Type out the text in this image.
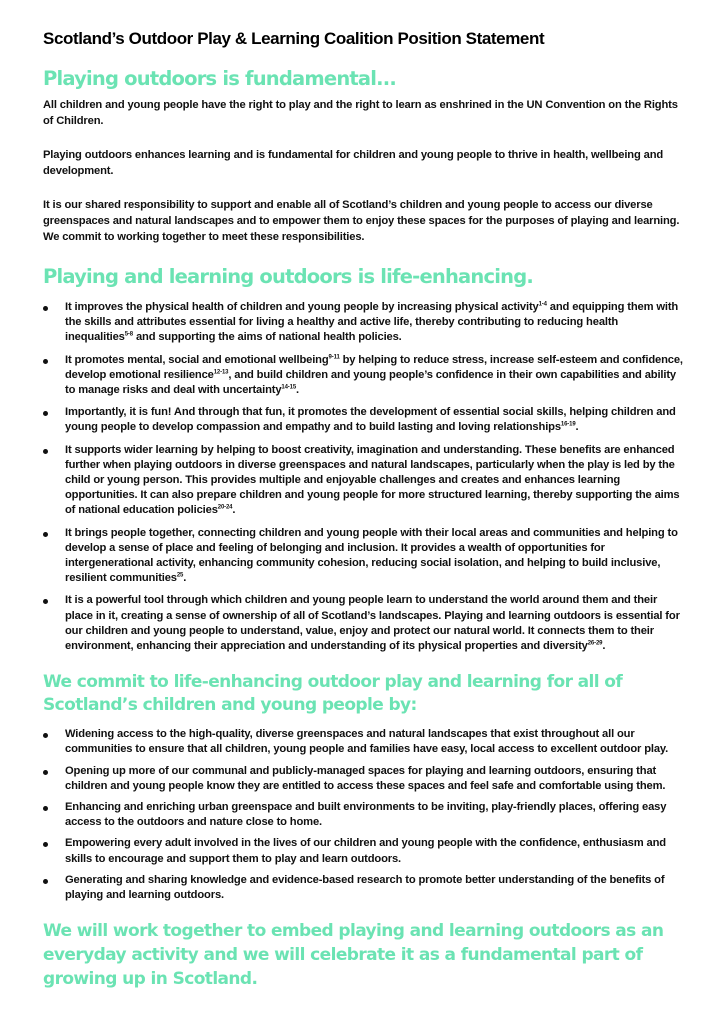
Scotland’s Outdoor Play & Learning Coalition Position Statement
Playing outdoors is fundamental...

All children and young people have the right to play and the right to learn as enshrined in the UN Convention on the Rights of Children.

Playing outdoors enhances learning and is fundamental for children and young people to thrive in health, wellbeing and development.

It is our shared responsibility to support and enable all of Scotland’s children and young people to access our diverse greenspaces and natural landscapes and to empower them to enjoy these spaces for the purposes of playing and learning. We commit to working together to meet these responsibilities.

Playing and learning outdoors is life-enhancing.
It improves the physical health of children and young people by increasing physical activity$^{1-4}$ and equipping them with the skills and attributes essential for living a healthy and active life, thereby contributing to reducing health inequalities$^{5-8}$ and supporting the aims of national health policies.
It promotes mental, social and emotional wellbeing$^{9-11}$ by helping to reduce stress, increase self-esteem and confidence, develop emotional resilience$^{12-13}$, and build children and young people’s confidence in their own capabilities and ability to manage risks and deal with uncertainty$^{14-15}$.
Importantly, it is fun! And through that fun, it promotes the development of essential social skills, helping children and young people to develop compassion and empathy and to build lasting and loving relationships$^{16-19}$.
It supports wider learning by helping to boost creativity, imagination and understanding. These benefits are enhanced further when playing outdoors in diverse greenspaces and natural landscapes, particularly when the play is led by the child or young person. This provides multiple and enjoyable challenges and creates and enhances learning opportunities. It can also prepare children and young people for more structured learning, thereby supporting the aims of national education policies$^{20-24}$.
It brings people together, connecting children and young people with their local areas and communities and helping to develop a sense of place and feeling of belonging and inclusion. It provides a wealth of opportunities for intergenerational activity, enhancing community cohesion, reducing social isolation, and helping to build inclusive, resilient communities$^{25}$.
It is a powerful tool through which children and young people learn to understand the world around them and their place in it, creating a sense of ownership of all of Scotland’s landscapes. Playing and learning outdoors is essential for our children and young people to understand, value, enjoy and protect our natural world. It connects them to their environment, enhancing their appreciation and understanding of its physical properties and diversity$^{26-29}$.
We commit to life-enhancing outdoor play and learning for all of Scotland’s children and young people by:
Widening access to the high-quality, diverse greenspaces and natural landscapes that exist throughout all our communities to ensure that all children, young people and families have easy, local access to excellent outdoor play.
Opening up more of our communal and publicly-managed spaces for playing and learning outdoors, ensuring that children and young people know they are entitled to access these spaces and feel safe and comfortable using them.
Enhancing and enriching urban greenspace and built environments to be inviting, play-friendly places, offering easy access to the outdoors and nature close to home.
Empowering every adult involved in the lives of our children and young people with the confidence, enthusiasm and skills to encourage and support them to play and learn outdoors.
Generating and sharing knowledge and evidence-based research to promote better understanding of the benefits of playing and learning outdoors.
We will work together to embed playing and learning outdoors as an everyday activity and we will celebrate it as a fundamental part of growing up in Scotland.
